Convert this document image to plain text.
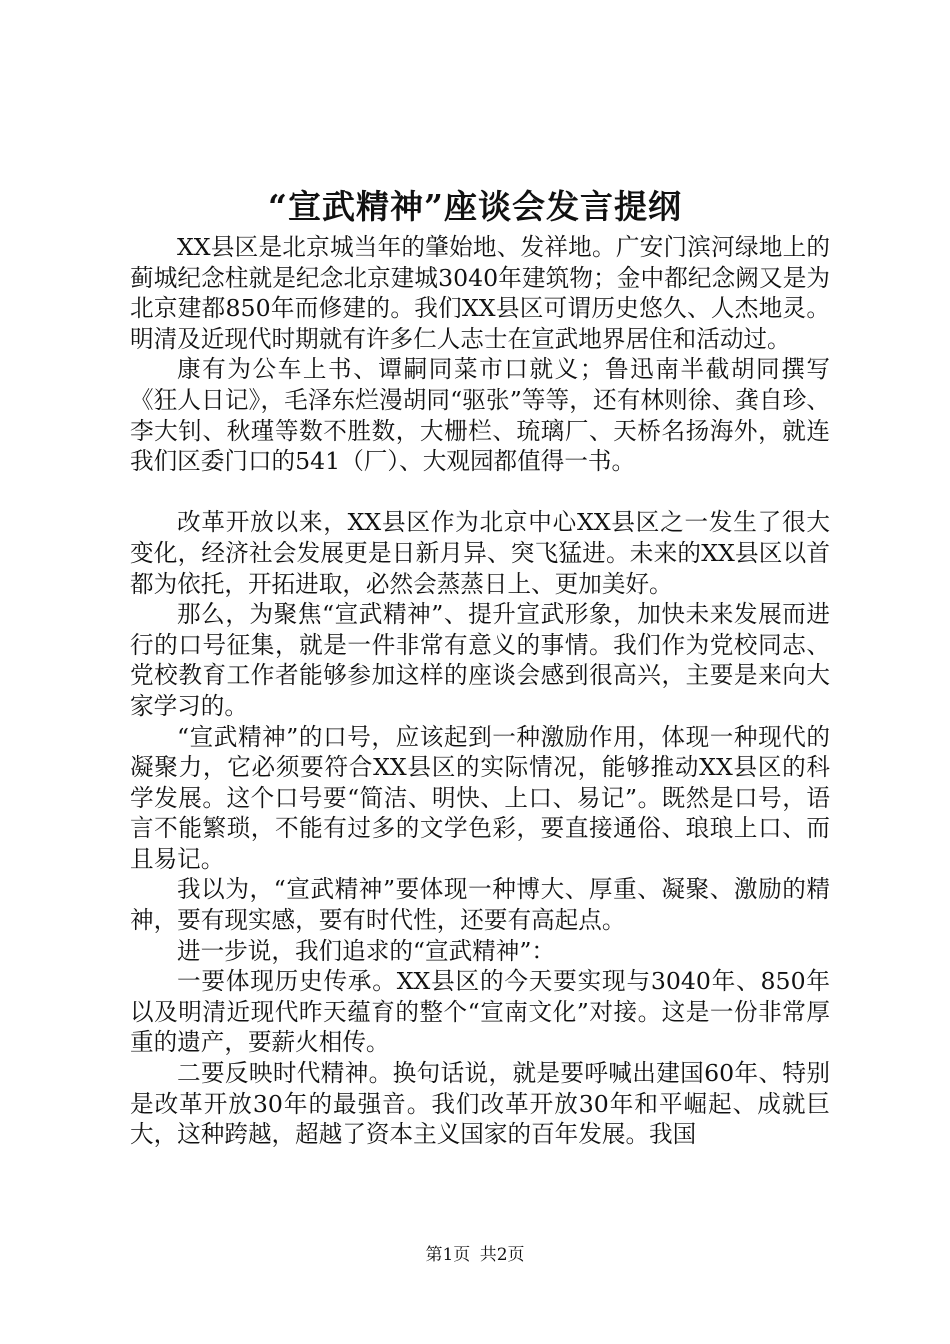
“宣武精神”座谈会发言提纲

XX县区是北京城当年的肇始地、发祥地。广安门滨河绿地上的蓟城纪念柱就是纪念北京建城3040年建筑物；金中都纪念阙又是为北京建都850年而修建的。我们XX县区可谓历史悠久、人杰地灵。明清及近现代时期就有许多仁人志士在宣武地界居住和活动过。

康有为公车上书、谭嗣同菜市口就义；鲁迅南半截胡同撰写《狂人日记》，毛泽东烂漫胡同“驱张”等等，还有林则徐、龚自珍、李大钊、秋瑾等数不胜数，大栅栏、琉璃厂、天桥名扬海外，就连我们区委门口的541（厂）、大观园都值得一书。

改革开放以来，XX县区作为北京中心XX县区之一发生了很大变化，经济社会发展更是日新月异、突飞猛进。未来的XX县区以首都为依托，开拓进取，必然会蒸蒸日上、更加美好。

那么，为聚焦“宣武精神”、提升宣武形象，加快未来发展而进行的口号征集，就是一件非常有意义的事情。我们作为党校同志、党校教育工作者能够参加这样的座谈会感到很高兴，主要是来向大家学习的。

“宣武精神”的口号，应该起到一种激励作用，体现一种现代的凝聚力，它必须要符合XX县区的实际情况，能够推动XX县区的科学发展。这个口号要“简洁、明快、上口、易记”。既然是口号，语言不能繁琐，不能有过多的文学色彩，要直接通俗、琅琅上口、而且易记。

我以为，“宣武精神”要体现一种博大、厚重、凝聚、激励的精神，要有现实感，要有时代性，还要有高起点。

进一步说，我们追求的“宣武精神”：

一要体现历史传承。XX县区的今天要实现与3040年、850年以及明清近现代昨天蕴育的整个“宣南文化”对接。这是一份非常厚重的遗产，要薪火相传。

二要反映时代精神。换句话说，就是要呼喊出建国60年、特别是改革开放30年的最强音。我们改革开放30年和平崛起、成就巨大，这种跨越，超越了资本主义国家的百年发展。我国

第1页 共2页
